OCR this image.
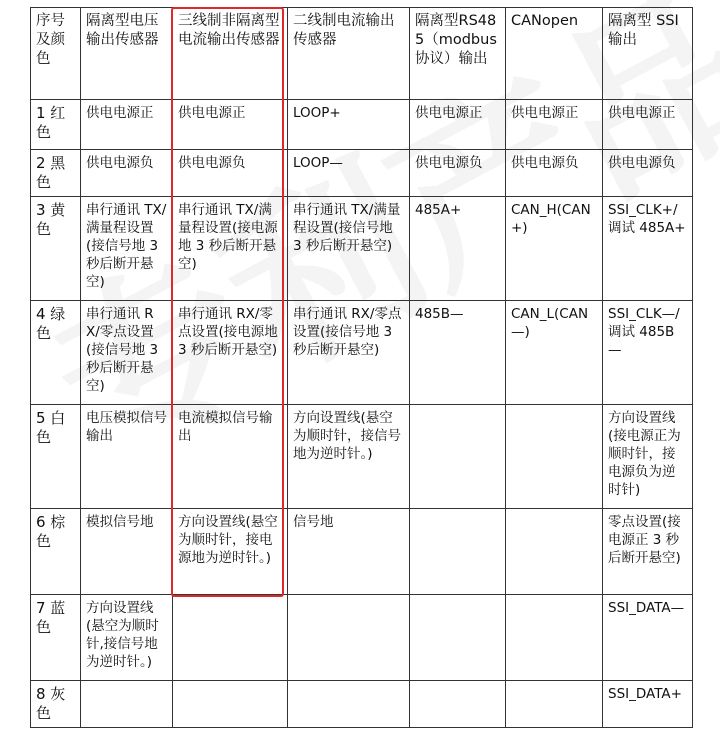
序号及颜色	隔离型电压输出传感器	三线制非隔离型电流输出传感器	二线制电流输出传感器	隔离型RS485（modbus 协议）输出	CANopen	隔离型 SSI 输出
1 红色	供电电源正	供电电源正	LOOP+	供电电源正	供电电源正	供电电源正
2 黑色	供电电源负	供电电源负	LOOP—	供电电源负	供电电源负	供电电源负
3 黄色	串行通讯 TX/满量程设置(接信号地 3 秒后断开悬空)	串行通讯 TX/满量程设置(接电源地 3 秒后断开悬空)	串行通讯 TX/满量程设置(接信号地 3 秒后断开悬空)	485A+	CAN_H(CAN+)	SSI_CLK+/调试 485A+
4 绿色	串行通讯 RX/零点设置(接信号地 3 秒后断开悬空)	串行通讯 RX/零点设置(接电源地 3 秒后断开悬空)	串行通讯 RX/零点设置(接信号地 3 秒后断开悬空)	485B—	CAN_L(CAN—)	SSI_CLK—/调试 485B—
5 白色	电压模拟信号输出	电流模拟信号输出	方向设置线(悬空为顺时针，接信号地为逆时针。)			方向设置线(接电源正为顺时针，接电源负为逆时针)
6 棕色	模拟信号地	方向设置线(悬空为顺时针，接电源地为逆时针。)	信号地			零点设置(接电源正 3 秒后断开悬空)
7 蓝色	方向设置线(悬空为顺时针,接信号地为逆时针。)					SSI_DATA—
8 灰色						SSI_DATA+
